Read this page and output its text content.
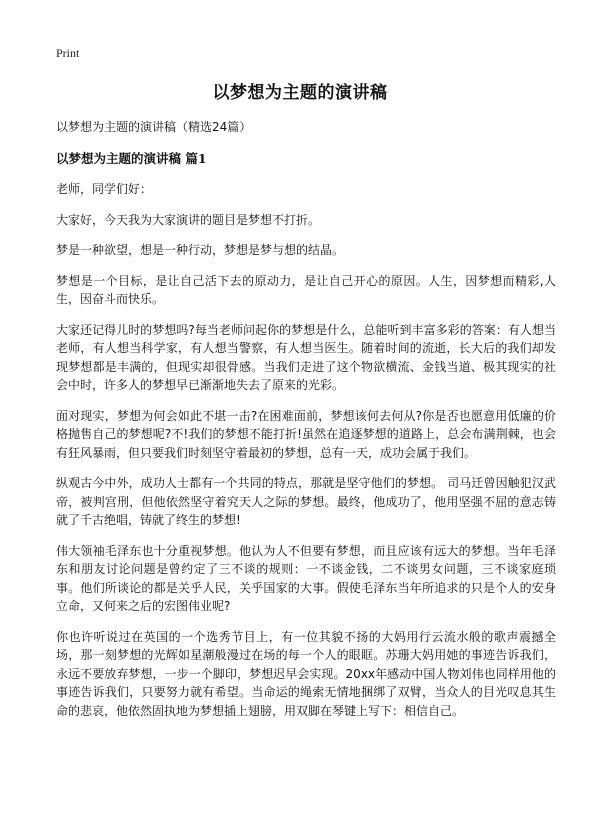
Print
以梦想为主题的演讲稿

以梦想为主题的演讲稿（精选24篇）

以梦想为主题的演讲稿 篇1

老师，同学们好：

大家好，今天我为大家演讲的题目是梦想不打折。

梦是一种欲望，想是一种行动，梦想是梦与想的结晶。

梦想是一个目标，是让自己活下去的原动力，是让自己开心的原因。人生，因梦想而精彩,人生，因奋斗而快乐。

大家还记得儿时的梦想吗?每当老师问起你的梦想是什么，总能听到丰富多彩的答案：有人想当老师，有人想当科学家，有人想当警察，有人想当医生。随着时间的流逝，长大后的我们却发现梦想都是丰满的，但现实却很骨感。当我们走进了这个物欲横流、金钱当道、极其现实的社会中时，许多人的梦想早已渐渐地失去了原来的光彩。

面对现实，梦想为何会如此不堪一击?在困难面前，梦想该何去何从?你是否也愿意用低廉的价格抛售自己的梦想呢?不!我们的梦想不能打折!虽然在追逐梦想的道路上，总会布满荆棘，也会有狂风暴雨，但只要我们时刻坚守着最初的梦想，总有一天，成功会属于我们。

纵观古今中外，成功人士都有一个共同的特点，那就是坚守他们的梦想。 司马迁曾因触犯汉武帝，被判宫刑，但他依然坚守着究天人之际的梦想。最终，他成功了，他用坚强不屈的意志铸就了千古绝唱，铸就了终生的梦想!

伟大领袖毛泽东也十分重视梦想。他认为人不但要有梦想，而且应该有远大的梦想。当年毛泽东和朋友讨论问题是曾约定了三不谈的规则：一不谈金钱，二不谈男女问题，三不谈家庭琐事。他们所谈论的都是关乎人民，关乎国家的大事。假使毛泽东当年所追求的只是个人的安身立命，又何来之后的宏图伟业呢?

你也许听说过在英国的一个选秀节目上，有一位其貌不扬的大妈用行云流水般的歌声震撼全场，那一刻梦想的光辉如星潮般漫过在场的每一个人的眼眶。苏珊大妈用她的事迹告诉我们，永远不要放弃梦想，一步一个脚印，梦想迟早会实现。20xx年感动中国人物刘伟也同样用他的事迹告诉我们，只要努力就有希望。当命运的绳索无情地捆绑了双臂，当众人的目光叹息其生命的悲哀，他依然固执地为梦想插上翅膀，用双脚在琴键上写下：相信自己。
